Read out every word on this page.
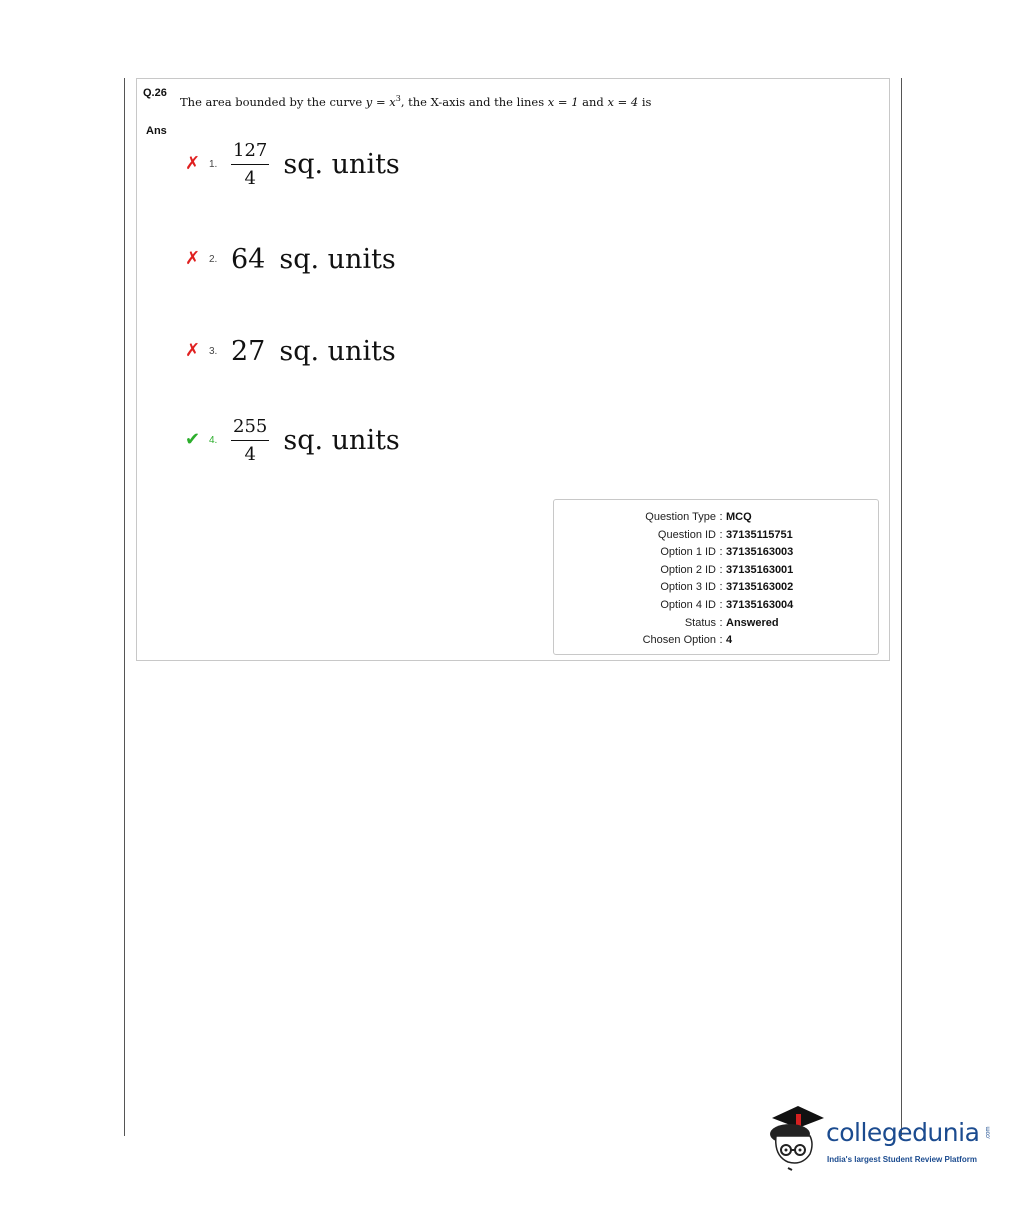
Q.26
The area bounded by the curve $y = x^3$, the X-axis and the lines x = 1 and x = 4 is
Ans
✗ 1. $\frac{127}{4}$ sq. units
✗ 2. 64 sq. units
✗ 3. 27 sq. units
✔ 4. $\frac{255}{4}$ sq. units
Question Type : MCQ
Question ID : 37135115751
Option 1 ID : 37135163003
Option 2 ID : 37135163001
Option 3 ID : 37135163002
Option 4 ID : 37135163004
Status : Answered
Chosen Option : 4
collegedunia .com
India's largest Student Review Platform
